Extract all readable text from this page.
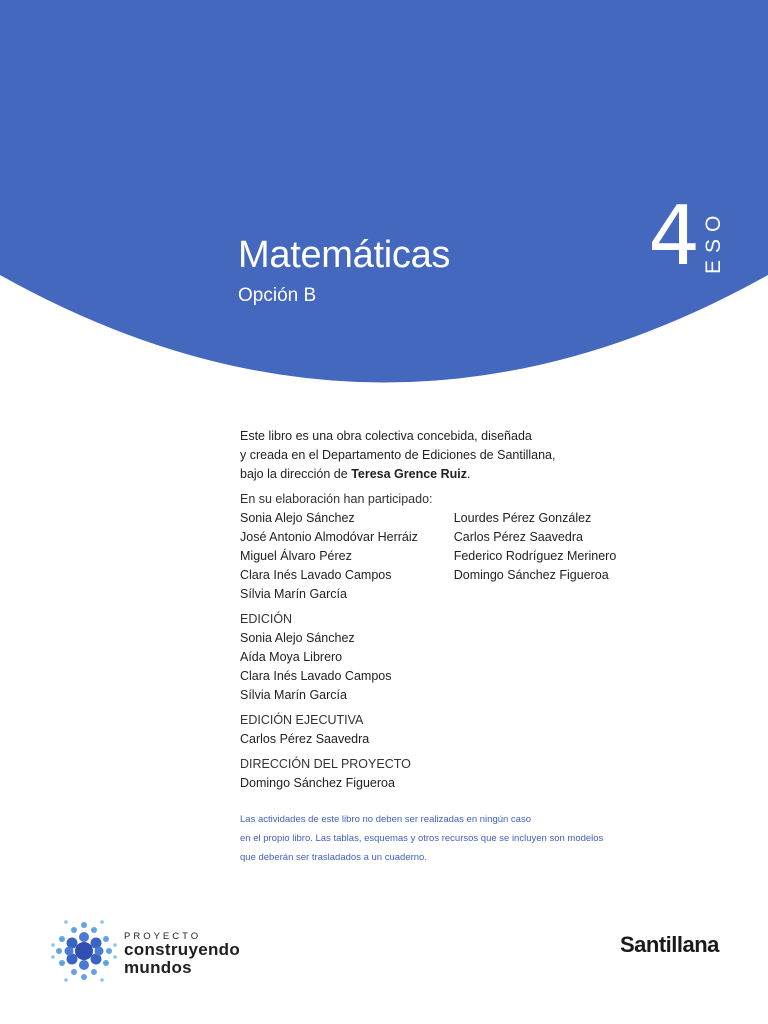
Matemáticas

Opción B

4 ESO

Este libro es una obra colectiva concebida, diseñada

y creada en el Departamento de Ediciones de Santillana,

bajo la dirección de Teresa Grence Ruiz.

En su elaboración han participado:

Sonia Alejo Sánchez

José Antonio Almodóvar Herráiz

Miguel Álvaro Pérez

Clara Inés Lavado Campos

Sílvia Marín García

Lourdes Pérez González

Carlos Pérez Saavedra

Federico Rodríguez Merinero

Domingo Sánchez Figueroa

EDICIÓN

Sonia Alejo Sánchez

Aída Moya Librero

Clara Inés Lavado Campos

Sílvia Marín García

EDICIÓN EJECUTIVA

Carlos Pérez Saavedra

DIRECCIÓN DEL PROYECTO

Domingo Sánchez Figueroa

Las actividades de este libro no deben ser realizadas en ningún caso

en el propio libro. Las tablas, esquemas y otros recursos que se incluyen son modelos

que deberán ser trasladados a un cuaderno.

PROYECTO
construyendo
mundos
Santillana
